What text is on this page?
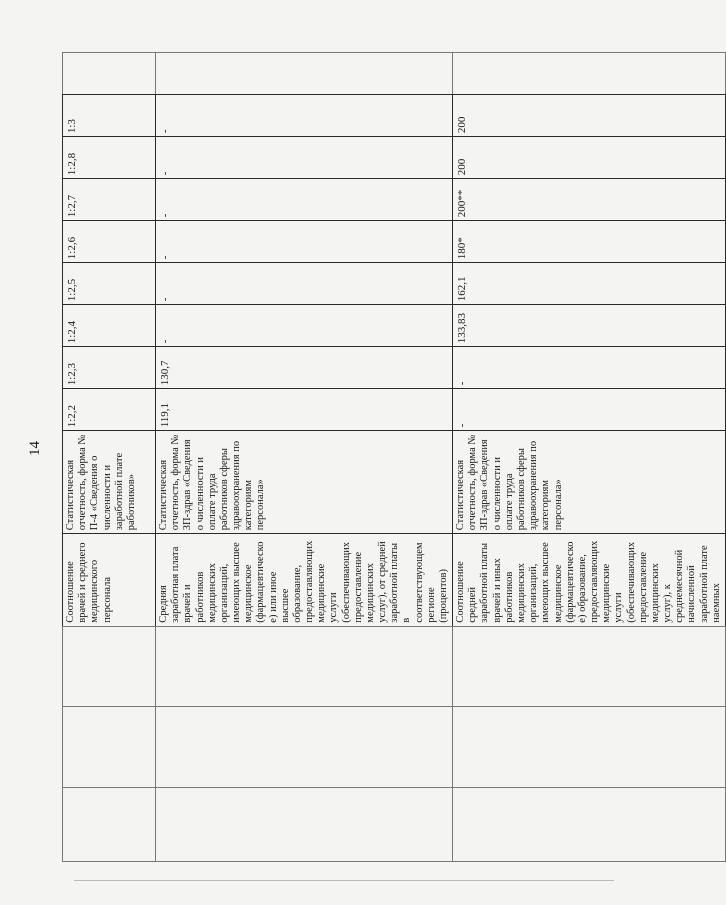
14
			Соотношение врачей и среднего медицинского персонала	Статистическая отчетность, форма № П-4 «Сведения о численности и заработной плате работников»	1:2,2	1:2,3	1:2,4	1:2,5	1:2,6	1:2,7	1:2,8	1:3	
			Средняя заработная плата врачей и работников медицинских организаций, имеющих высшее медицинское (фармацевтическое) или иное высшее образование, предоставляющих медицинские услуги (обеспечивающих предоставление медицинских услуг), от средней заработной платы в соответствующем регионе (процентов)	Статистическая отчетность, форма № ЗП-здрав «Сведения о численности и оплате труда работников сферы здравоохранения по категориям персонала»	119,1	130,7	-	-	-	-	-	-	
			Соотношение средней заработной платы врачей и иных работников медицинских организаций, имеющих высшее медицинское (фармацевтическое) образование, предоставляющих медицинские услуги (обеспечивающих предоставление медицинских услуг), к среднемесячной начисленной заработной плате наемных	Статистическая отчетность, форма № ЗП-здрав «Сведения о численности и оплате труда работников сферы здравоохранения по категориям персонала»	-	-	133,83	162,1	180*	200**	200	200	
